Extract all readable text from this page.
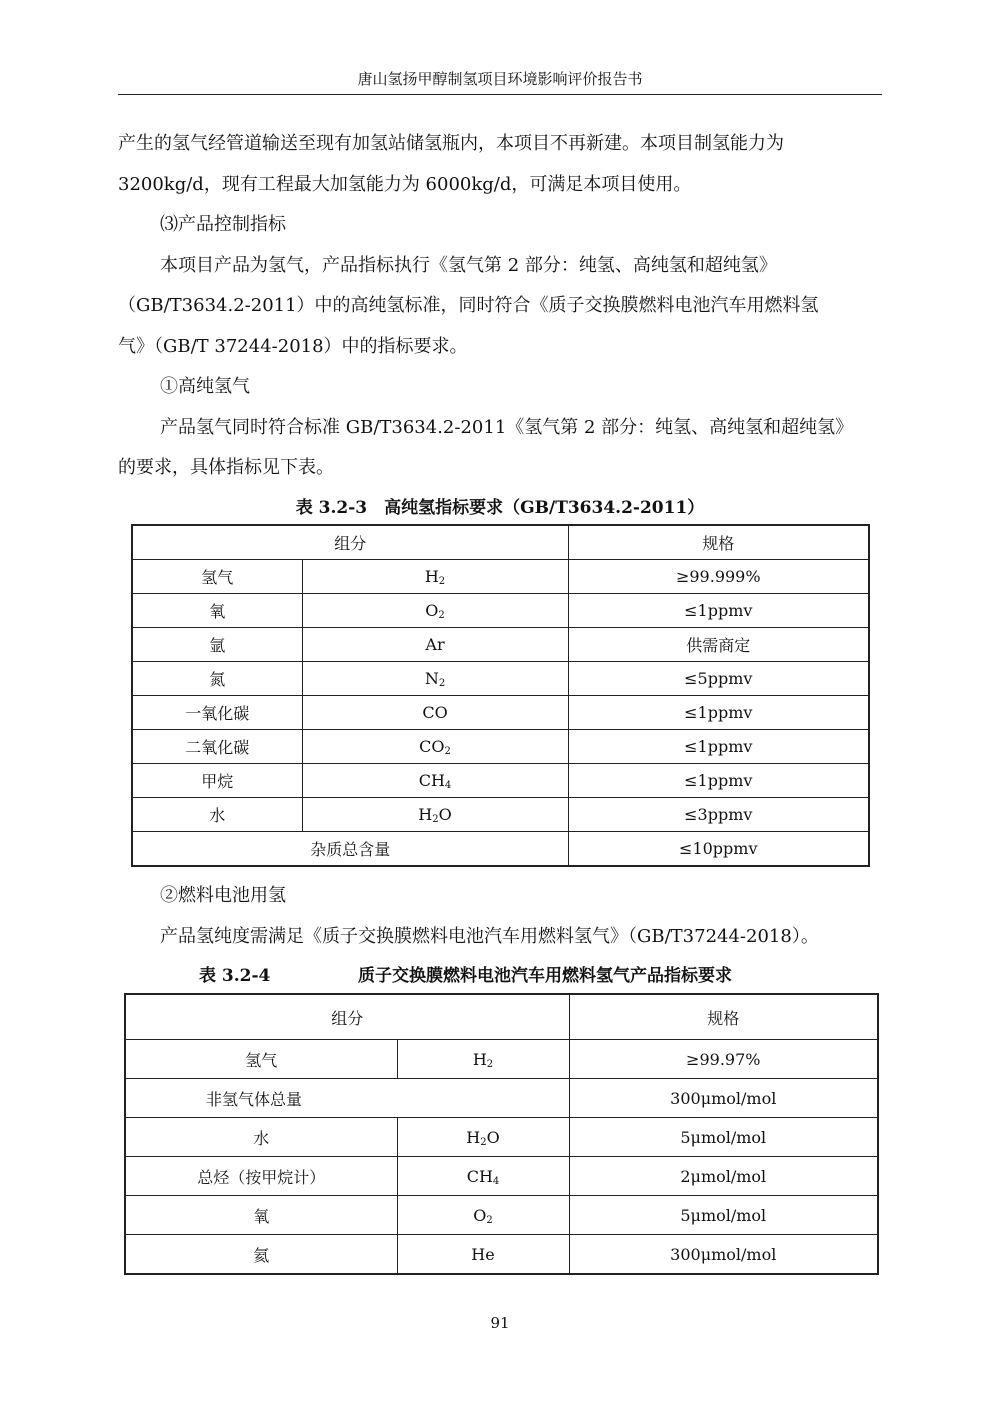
唐山氢扬甲醇制氢项目环境影响评价报告书
产生的氢气经管道输送至现有加氢站储氢瓶内，本项目不再新建。本项目制氢能力为
3200kg/d，现有工程最大加氢能力为 6000kg/d，可满足本项目使用。
⑶产品控制指标
本项目产品为氢气，产品指标执行《氢气第 2 部分：纯氢、高纯氢和超纯氢》
（GB/T3634.2-2011）中的高纯氢标准，同时符合《质子交换膜燃料电池汽车用燃料氢
气》（GB/T 37244-2018）中的指标要求。
①高纯氢气
产品氢气同时符合标准 GB/T3634.2-2011《氢气第 2 部分：纯氢、高纯氢和超纯氢》
的要求，具体指标见下表。
表 3.2-3　高纯氢指标要求（GB/T3634.2-2011）
组分		规格
氢气	$H_2$	≥99.999%
氧	$O_2$	≤1ppmv
氩	Ar	供需商定
氮	$N_2$	≤5ppmv
一氧化碳	CO	≤1ppmv
二氧化碳	$CO_2$	≤1ppmv
甲烷	$CH_4$	≤1ppmv
水	$H_2O$	≤3ppmv
杂质总含量		≤10ppmv
②燃料电池用氢
产品氢纯度需满足《质子交换膜燃料电池汽车用燃料氢气》（GB/T37244-2018）。
表 3.2-4	质子交换膜燃料电池汽车用燃料氢气产品指标要求
组分		规格
氢气	$H_2$	≥99.97%
非氢气体总量		300μmol/mol
水	$H_2O$	5μmol/mol
总烃（按甲烷计）	$CH_4$	2μmol/mol
氧	$O_2$	5μmol/mol
氦	He	300μmol/mol
91
